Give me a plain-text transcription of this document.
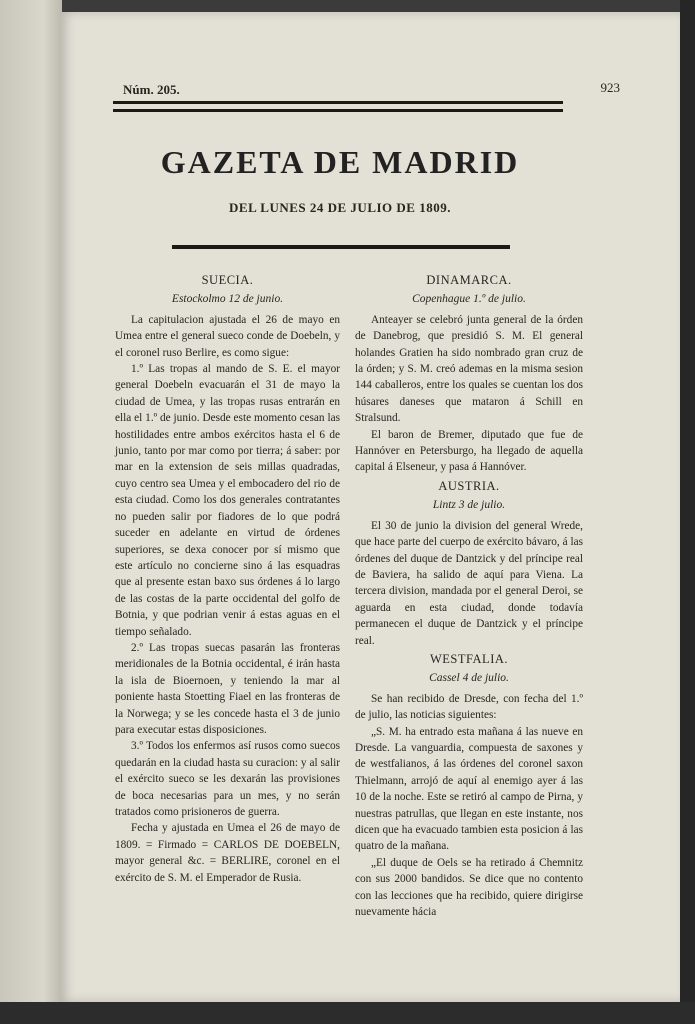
Núm. 205.	923
GAZETA DE MADRID
DEL LUNES 24 DE JULIO DE 1809.
SUECIA.
Estockolmo 12 de junio.

La capitulacion ajustada el 26 de mayo en Umea entre el general sueco conde de Doebeln, y el coronel ruso Berlire, es como sigue:

1.º Las tropas al mando de S. E. el mayor general Doebeln evacuarán el 31 de mayo la ciudad de Umea, y las tropas rusas entrarán en ella el 1.º de junio. Desde este momento cesan las hostilidades entre ambos exércitos hasta el 6 de junio, tanto por mar como por tierra; á saber: por mar en la extension de seis millas quadradas, cuyo centro sea Umea y el embocadero del rio de esta ciudad. Como los dos generales contratantes no pueden salir por fiadores de lo que podrá suceder en adelante en virtud de órdenes superiores, se dexa conocer por sí mismo que este artículo no concierne sino á las esquadras que al presente estan baxo sus órdenes á lo largo de las costas de la parte occidental del golfo de Botnia, y que podrian venir á estas aguas en el tiempo señalado.

2.º Las tropas suecas pasarán las fronteras meridionales de la Botnia occidental, é irán hasta la isla de Bioernoen, y teniendo la mar al poniente hasta Stoetting Fiael en las fronteras de la Norwega; y se les concede hasta el 3 de junio para executar estas disposiciones.

3.º Todos los enfermos así rusos como suecos quedarán en la ciudad hasta su curacion: y al salir el exército sueco se les dexarán las provisiones de boca necesarias para un mes, y no serán tratados como prisioneros de guerra.

Fecha y ajustada en Umea el 26 de mayo de 1809. = Firmado = CARLOS DE DOEBELN, mayor general &c. = BERLIRE, coronel en el exército de S. M. el Emperador de Rusia.

DINAMARCA.
Copenhague 1.º de julio.

Anteayer se celebró junta general de la órden de Danebrog, que presidió S. M. El general holandes Gratien ha sido nombrado gran cruz de la órden; y S. M. creó ademas en la misma sesion 144 caballeros, entre los quales se cuentan los dos húsares daneses que mataron á Schill en Stralsund.

El baron de Bremer, diputado que fue de Hannóver en Petersburgo, ha llegado de aquella capital á Elseneur, y pasa á Hannóver.

AUSTRIA.
Lintz 3 de julio.

El 30 de junio la division del general Wrede, que hace parte del cuerpo de exército bávaro, á las órdenes del duque de Dantzick y del príncipe real de Baviera, ha salido de aquí para Viena. La tercera division, mandada por el general Deroi, se aguarda en esta ciudad, donde todavía permanecen el duque de Dantzick y el príncipe real.

WESTFALIA.
Cassel 4 de julio.

Se han recibido de Dresde, con fecha del 1.º de julio, las noticias siguientes:

„S. M. ha entrado esta mañana á las nueve en Dresde. La vanguardia, compuesta de saxones y de westfalianos, á las órdenes del coronel saxon Thielmann, arrojó de aquí al enemigo ayer á las 10 de la noche. Este se retiró al campo de Pirna, y nuestras patrullas, que llegan en este instante, nos dicen que ha evacuado tambien esta posicion á las quatro de la mañana.

„El duque de Oels se ha retirado á Chemnitz con sus 2000 bandidos. Se dice que no contento con las lecciones que ha recibido, quiere dirigirse nuevamente hácia
